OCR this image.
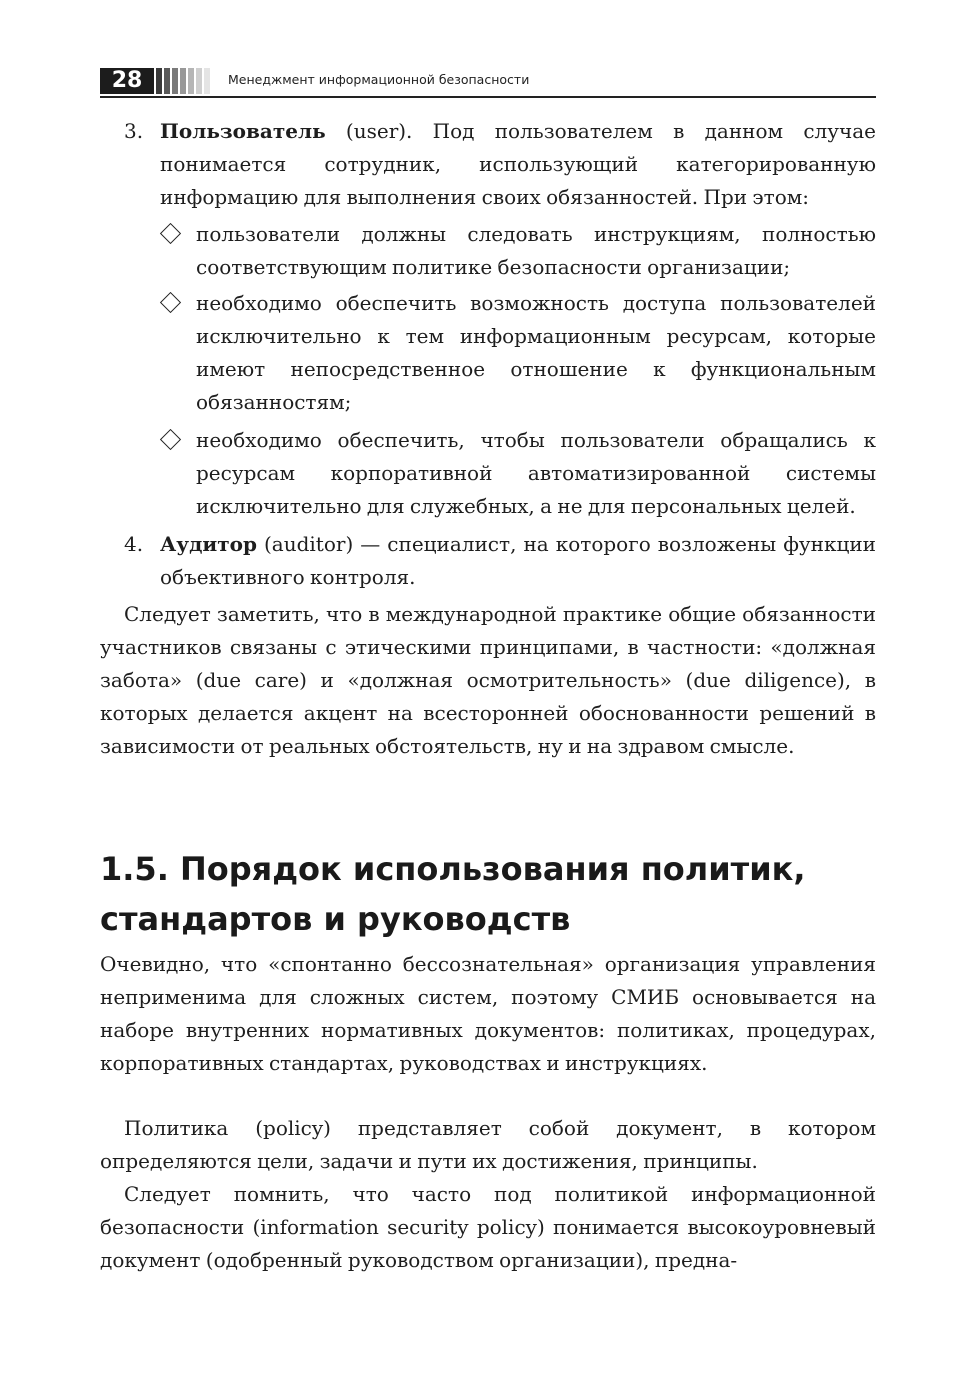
28	Менеджмент информационной безопасности
3. Пользователь (user). Под пользователем в данном случае понимается сотрудник, использующий категорированную информацию для выполнения своих обязанностей. При этом:

пользователи должны следовать инструкциям, полностью соответствующим политике безопасности организации;

необходимо обеспечить возможность доступа пользователей исключительно к тем информационным ресурсам, которые имеют непосредственное отношение к функциональным обязанностям;

необходимо обеспечить, чтобы пользователи обращались к ресурсам корпоративной автоматизированной системы исключительно для служебных, а не для персональных целей.

4. Аудитор (auditor) — специалист, на которого возложены функции объективного контроля.

Следует заметить, что в международной практике общие обязанности участников связаны с этическими принципами, в частности: «должная забота» (due care) и «должная осмотрительность» (due diligence), в которых делается акцент на всесторонней обоснованности решений в зависимости от реальных обстоятельств, ну и на здравом смысле.

1.5. Порядок использования политик,
стандартов и руководств

Очевидно, что «спонтанно бессознательная» организация управления неприменима для сложных систем, поэтому СМИБ основывается на наборе внутренних нормативных документов: политиках, процедурах, корпоративных стандартах, руководствах и инструкциях.

Политика (policy) представляет собой документ, в котором определяются цели, задачи и пути их достижения, принципы.

Следует помнить, что часто под политикой информационной безопасности (information security policy) понимается высокоуровневый документ (одобренный руководством организации), предна-
